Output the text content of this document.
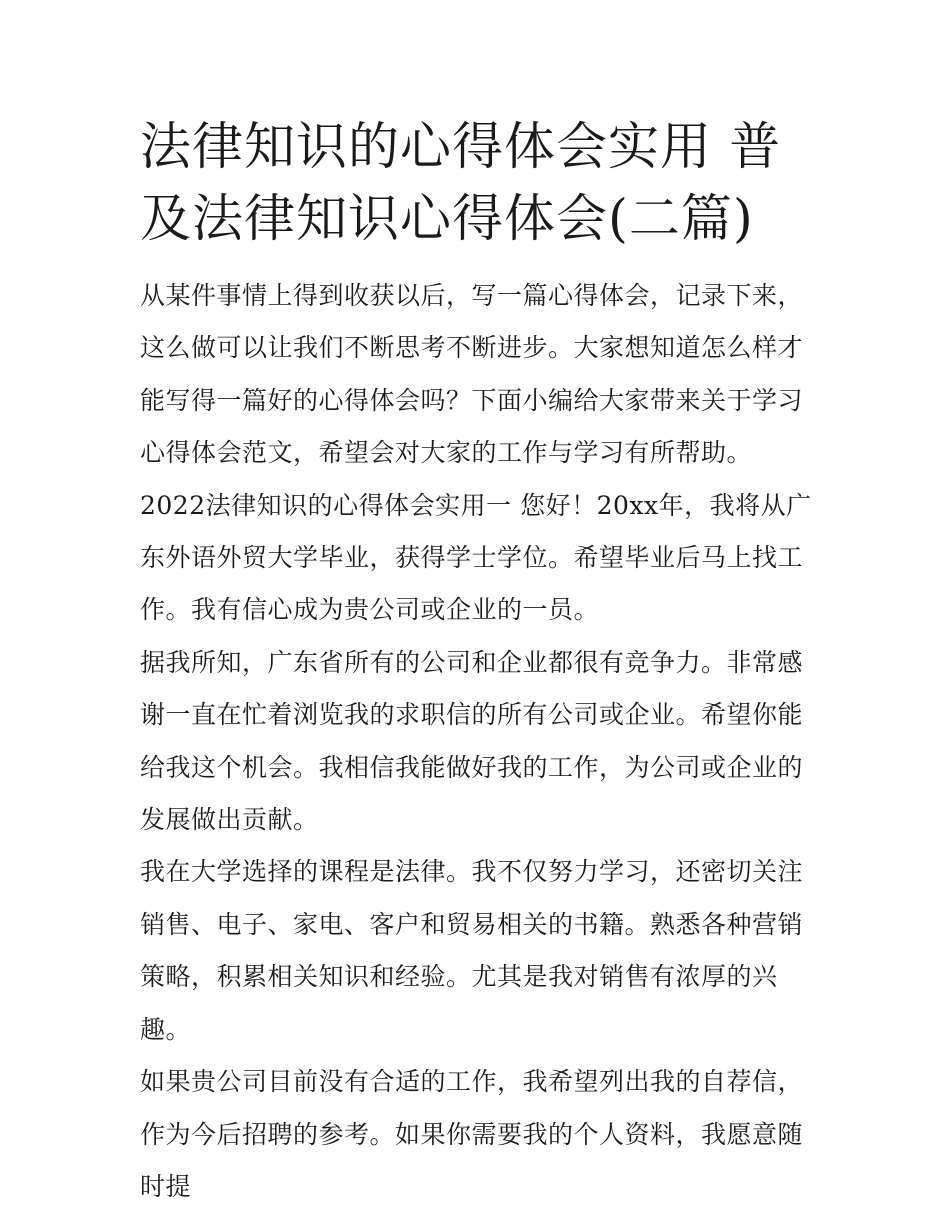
法律知识的心得体会实用 普及法律知识心得体会(二篇)

从某件事情上得到收获以后，写一篇心得体会，记录下来，这么做可以让我们不断思考不断进步。大家想知道怎么样才能写得一篇好的心得体会吗？下面小编给大家带来关于学习心得体会范文，希望会对大家的工作与学习有所帮助。

2022法律知识的心得体会实用一 您好！20xx年，我将从广东外语外贸大学毕业，获得学士学位。希望毕业后马上找工作。我有信心成为贵公司或企业的一员。

据我所知，广东省所有的公司和企业都很有竞争力。非常感谢一直在忙着浏览我的求职信的所有公司或企业。希望你能给我这个机会。我相信我能做好我的工作，为公司或企业的发展做出贡献。

我在大学选择的课程是法律。我不仅努力学习，还密切关注销售、电子、家电、客户和贸易相关的书籍。熟悉各种营销策略，积累相关知识和经验。尤其是我对销售有浓厚的兴趣。

如果贵公司目前没有合适的工作，我希望列出我的自荐信，作为今后招聘的参考。如果你需要我的个人资料，我愿意随时提
